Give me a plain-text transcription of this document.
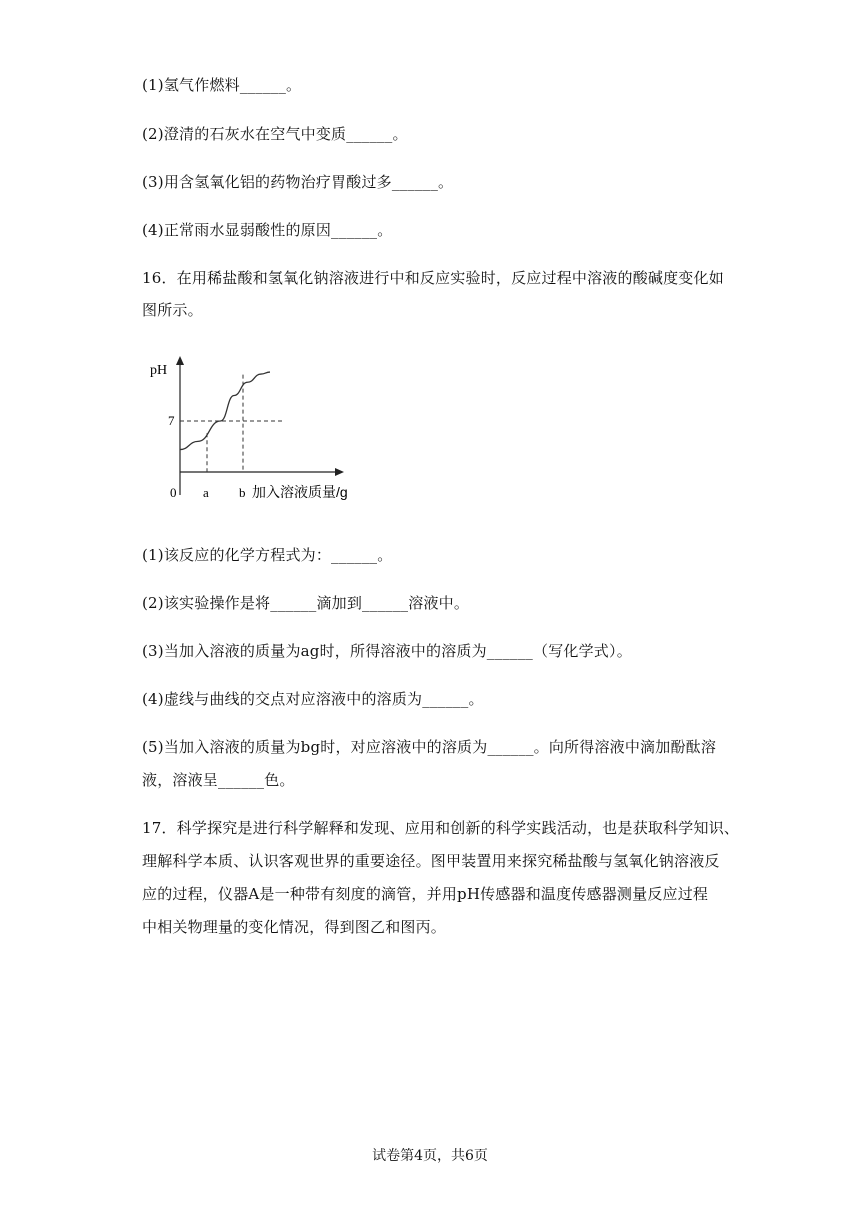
(1)氢气作燃料______。
(2)澄清的石灰水在空气中变质______。
(3)用含氢氧化铝的药物治疗胃酸过多______。
(4)正常雨水显弱酸性的原因______。
16．在用稀盐酸和氢氧化钠溶液进行中和反应实验时，反应过程中溶液的酸碱度变化如
图所示。
pH
7
0 a b 加入溶液质量/g
(1)该反应的化学方程式为：______。
(2)该实验操作是将______滴加到______溶液中。
(3)当加入溶液的质量为ag时，所得溶液中的溶质为______（写化学式）。
(4)虚线与曲线的交点对应溶液中的溶质为______。
(5)当加入溶液的质量为bg时，对应溶液中的溶质为______。向所得溶液中滴加酚酞溶
液，溶液呈______色。
17．科学探究是进行科学解释和发现、应用和创新的科学实践活动，也是获取科学知识、
理解科学本质、认识客观世界的重要途径。图甲装置用来探究稀盐酸与氢氧化钠溶液反
应的过程，仪器A是一种带有刻度的滴管，并用pH传感器和温度传感器测量反应过程
中相关物理量的变化情况，得到图乙和图丙。
试卷第4页，共6页
